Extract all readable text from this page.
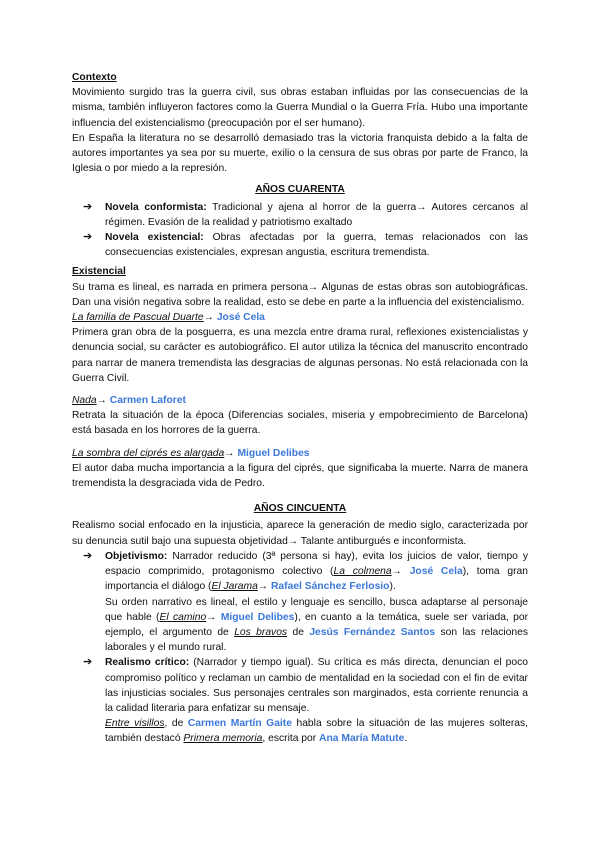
Contexto

Movimiento surgido tras la guerra civil, sus obras estaban influidas por las consecuencias de la misma, también influyeron factores como la Guerra Mundial o la Guerra Fría. Hubo una importante influencia del existencialismo (preocupación por el ser humano).

En España la literatura no se desarrolló demasiado tras la victoria franquista debido a la falta de autores importantes ya sea por su muerte, exilio o la censura de sus obras por parte de Franco, la Iglesia o por miedo a la represión.

AÑOS CUARENTA
➔ Novela conformista: Tradicional y ajena al horror de la guerra→ Autores cercanos al régimen. Evasión de la realidad y patriotismo exaltado
➔ Novela existencial: Obras afectadas por la guerra, temas relacionados con las consecuencias existenciales, expresan angustia, escritura tremendista.
Existencial

Su trama es lineal, es narrada en primera persona→ Algunas de estas obras son autobiográficas. Dan una visión negativa sobre la realidad, esto se debe en parte a la influencia del existencialismo.

La familia de Pascual Duarte→ José Cela

Primera gran obra de la posguerra, es una mezcla entre drama rural, reflexiones existencialistas y denuncia social, su carácter es autobiográfico. El autor utiliza la técnica del manuscrito encontrado para narrar de manera tremendista las desgracias de algunas personas. No está relacionada con la Guerra Civil.

Nada→ Carmen Laforet

Retrata la situación de la época (Diferencias sociales, miseria y empobrecimiento de Barcelona) está basada en los horrores de la guerra.

La sombra del ciprés es alargada→ Miguel Delibes

El autor daba mucha importancia a la figura del ciprés, que significaba la muerte. Narra de manera tremendista la desgraciada vida de Pedro.

AÑOS CINCUENTA

Realismo social enfocado en la injusticia, aparece la generación de medio siglo, caracterizada por su denuncia sutil bajo una supuesta objetividad→ Talante antiburgués e inconformista.

➔ Objetivismo: Narrador reducido (3ª persona si hay), evita los juicios de valor, tiempo y espacio comprimido, protagonismo colectivo (La colmena→ José Cela), toma gran importancia el diálogo (El Jarama→ Rafael Sánchez Ferlosio).
Su orden narrativo es lineal, el estilo y lenguaje es sencillo, busca adaptarse al personaje que hable (El camino→ Miguel Delibes), en cuanto a la temática, suele ser variada, por ejemplo, el argumento de Los bravos de Jesús Fernández Santos son las relaciones laborales y el mundo rural.
➔ Realismo crítico: (Narrador y tiempo igual). Su crítica es más directa, denuncian el poco compromiso político y reclaman un cambio de mentalidad en la sociedad con el fin de evitar las injusticias sociales. Sus personajes centrales son marginados, esta corriente renuncia a la calidad literaria para enfatizar su mensaje.
Entre visillos, de Carmen Martín Gaite habla sobre la situación de las mujeres solteras, también destacó Primera memoria, escrita por Ana María Matute.
